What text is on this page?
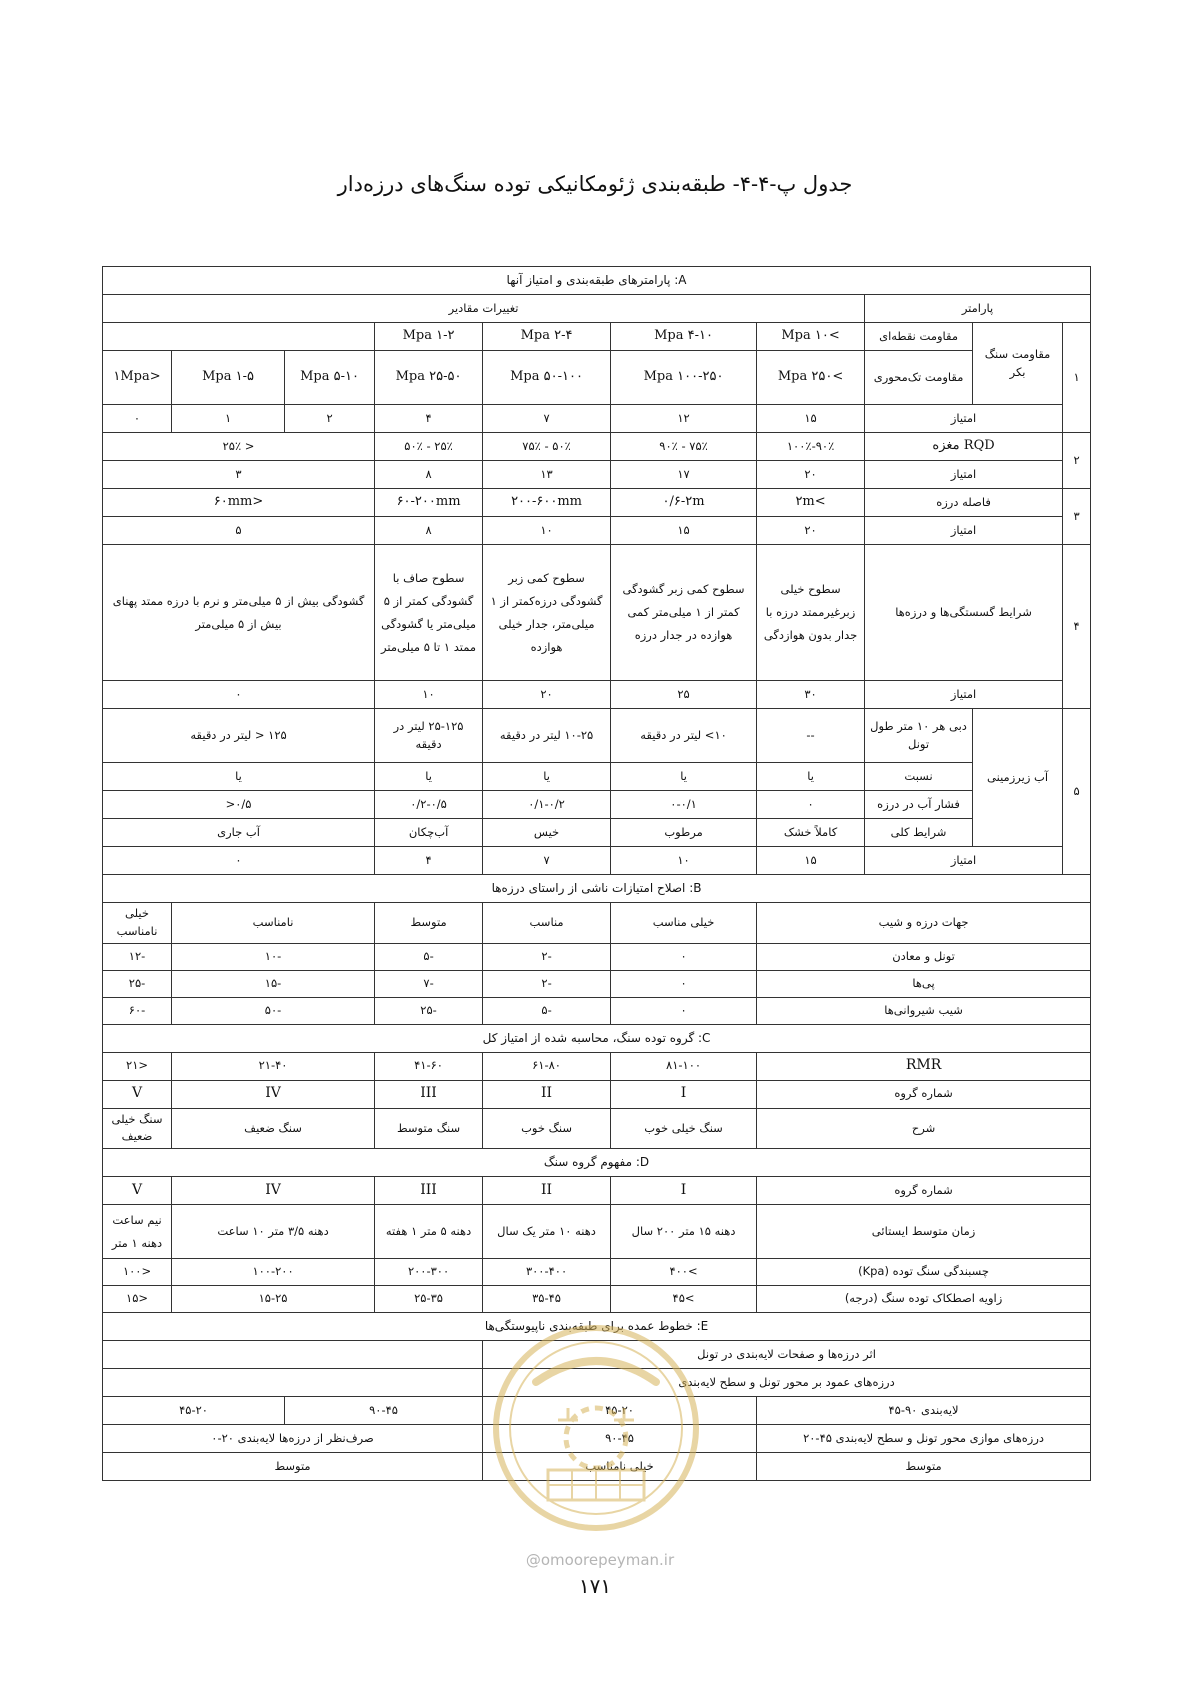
جدول پ-۴-۴- طبقه‌بندی ژئومکانیکی توده سنگ‌های درزه‌دار
A: پارامترهای طبقه‌بندی و امتیاز آنها									
پارامتر			تغییرات مقادیر						
۱	مقاومت سنگ بکر	مقاومت نقطه‌ای	>۱۰ Mpa	۴-۱۰ Mpa	۲-۴ Mpa	۱-۲ Mpa			
		مقاومت تک‌محوری	>۲۵۰ Mpa	۱۰۰-۲۵۰ Mpa	۵۰-۱۰۰ Mpa	۲۵-۵۰ Mpa	۵-۱۰ Mpa	۱-۵ Mpa	<۱Mpa
	امتیاز		۱۵	۱۲	۷	۴	۲	۱	۰
۲	RQD مغزه		۹۰٪-۱۰۰٪	۷۵٪ - ۹۰٪	۵۰٪ - ۷۵٪	۲۵٪ - ۵۰٪	< ۲۵٪		
	امتیاز		۲۰	۱۷	۱۳	۸	۳		
۳	فاصله درزه		>۲m	۰/۶-۲m	۲۰۰-۶۰۰mm	۶۰-۲۰۰mm	<۶۰mm		
	امتیاز		۲۰	۱۵	۱۰	۸	۵		
۴	شرایط گسستگی‌ها و درزه‌ها		سطوح خیلی زبرغیرممتد درزه با جدار بدون هوازدگی	سطوح کمی زبر گشودگی کمتر از ۱ میلی‌متر کمی هوازده در جدار درزه	سطوح کمی زبر گشودگی درزه‌کمتر از ۱ میلی‌متر، جدار خیلی هوازده	سطوح صاف با گشودگی کمتر از ۵ میلی‌متر یا گشودگی ممتد ۱ تا ۵ میلی‌متر	گشودگی بیش از ۵ میلی‌متر و نرم با درزه ممتد پهنای بیش از ۵ میلی‌متر		
	امتیاز		۳۰	۲۵	۲۰	۱۰	۰		
۵	آب زیرزمینی	دبی هر ۱۰ متر طول تونل	--	۱۰> لیتر در دقیقه	۱۰-۲۵ لیتر در دقیقه	۲۵-۱۲۵ لیتر در دقیقه	۱۲۵ < لیتر در دقیقه		
		نسبت	یا	یا	یا	یا	یا		
		فشار آب در درزه	۰	۰-۰/۱	۰/۱-۰/۲	۰/۲-۰/۵	۰/۵<		
		شرایط کلی	کاملاً خشک	مرطوب	خیس	آب‌چکان	آب جاری		
	امتیاز		۱۵	۱۰	۷	۴	۰		
B: اصلاح امتیازات ناشی از راستای درزه‌ها									
جهات درزه و شیب				خیلی مناسب	مناسب	متوسط	نامناسب		خیلی نامناسب
تونل و معادن				۰	-۲	-۵	-۱۰		-۱۲
پی‌ها				۰	-۲	-۷	-۱۵		-۲۵
شیب شیروانی‌ها				۰	-۵	-۲۵	-۵۰		-۶۰
C: گروه توده سنگ، محاسبه شده از امتیاز کل									
RMR				۸۱-۱۰۰	۶۱-۸۰	۴۱-۶۰	۲۱-۴۰		<۲۱
شماره گروه				I	II	III	IV		V
شرح				سنگ خیلی خوب	سنگ خوب	سنگ متوسط	سنگ ضعیف		سنگ خیلی ضعیف
D: مفهوم گروه سنگ									
شماره گروه				I	II	III	IV		V
زمان متوسط ایستائی				دهنه ۱۵ متر ۲۰۰ سال	دهنه ۱۰ متر یک سال	دهنه ۵ متر ۱ هفته	دهنه ۳/۵ متر ۱۰ ساعت		نیم ساعت دهنه ۱ متر
چسبندگی سنگ توده (Kpa)				>۴۰۰	۳۰۰-۴۰۰	۲۰۰-۳۰۰	۱۰۰-۲۰۰		<۱۰۰
زاویه اصطکاک توده سنگ (درجه)				>۴۵	۳۵-۴۵	۲۵-۳۵	۱۵-۲۵		<۱۵
E: خطوط عمده برای طبقه‌بندی ناپیوستگی‌ها									
اثر درزه‌ها و صفحات لایه‌بندی در تونل									
درزه‌های عمود بر محور تونل و سطح لایه‌بندی									
لایه‌بندی ۹۰-۴۵				۴۵-۲۰		۹۰-۴۵		۴۵-۲۰	
درزه‌های موازی محور تونل و سطح لایه‌بندی ۴۵-۲۰				۹۰-۴۵		صرف‌نظر از درزه‌ها لایه‌بندی ۲۰-۰			
متوسط				خیلی نامناسب		متوسط			
@omoorepeyman.ir
۱۷۱
